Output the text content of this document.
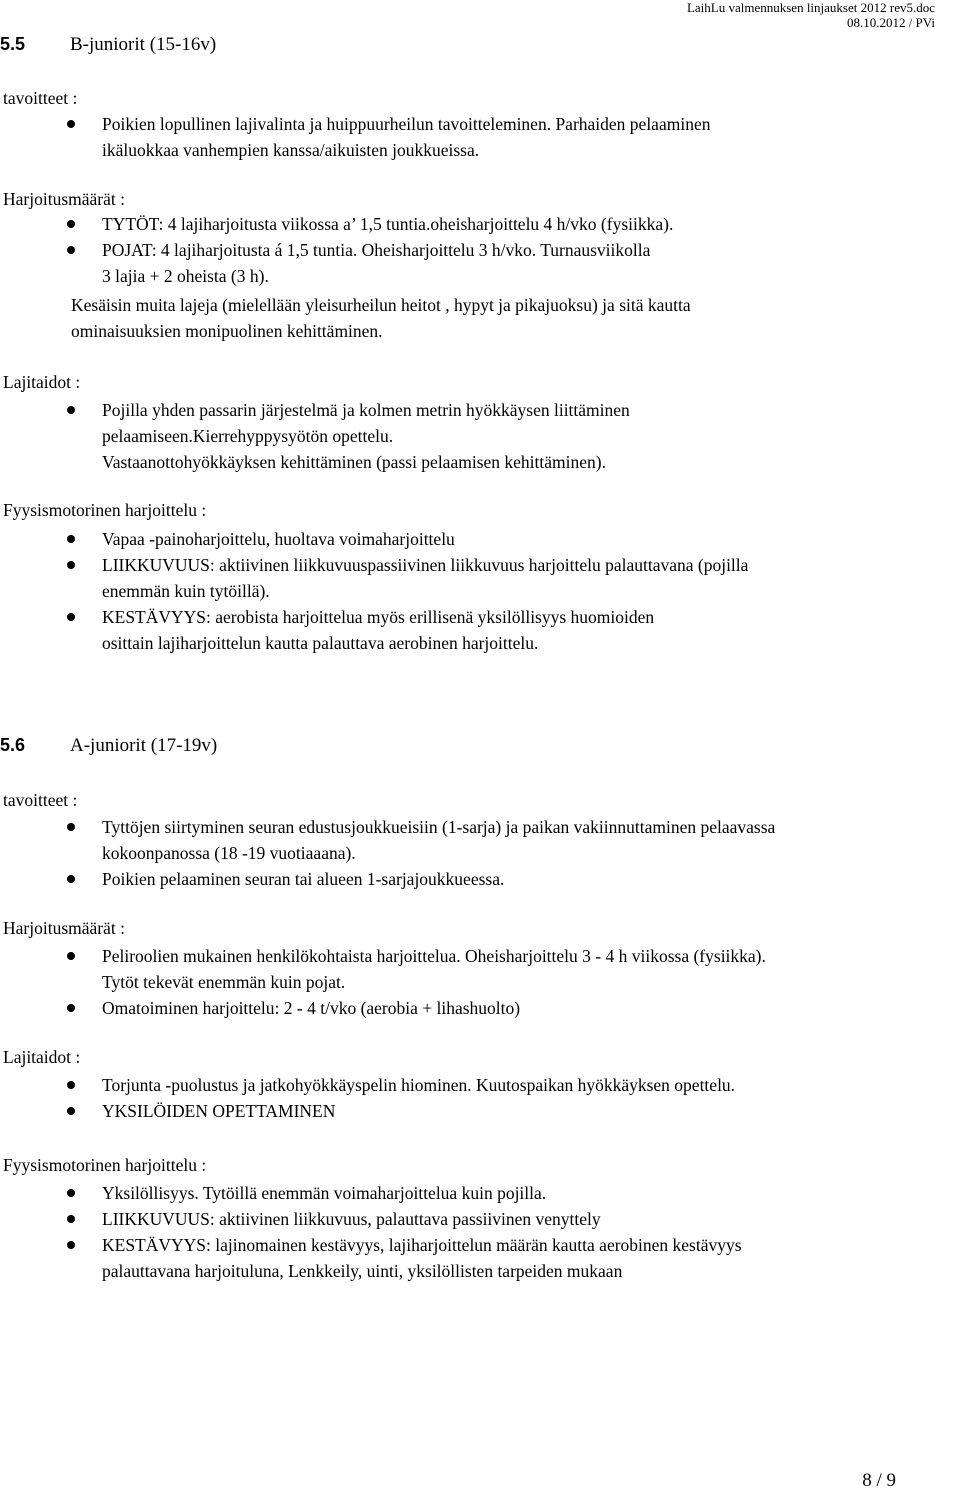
LaihLu valmennuksen linjaukset 2012 rev5.doc
08.10.2012 / PVi
5.5 B-juniorit (15-16v)
tavoitteet :
Poikien lopullinen lajivalinta ja huippuurheilun tavoitteleminen. Parhaiden pelaaminen
ikäluokkaa vanhempien kanssa/aikuisten joukkueissa.
Harjoitusmäärät :
TYTÖT: 4 lajiharjoitusta viikossa a’ 1,5 tuntia.oheisharjoittelu 4 h/vko (fysiikka).
POJAT: 4 lajiharjoitusta á 1,5 tuntia. Oheisharjoittelu 3 h/vko. Turnausviikolla
3 lajia + 2 oheista (3 h).
Kesäisin muita lajeja (mielellään yleisurheilun heitot , hypyt ja pikajuoksu) ja sitä kautta
ominaisuuksien monipuolinen kehittäminen.
Lajitaidot :
Pojilla yhden passarin järjestelmä ja kolmen metrin hyökkäysen liittäminen
pelaamiseen.Kierrehyppysyötön opettelu.
Vastaanottohyökkäyksen kehittäminen (passi pelaamisen kehittäminen).
Fyysismotorinen harjoittelu :
Vapaa -painoharjoittelu, huoltava voimaharjoittelu
LIIKKUVUUS: aktiivinen liikkuvuuspassiivinen liikkuvuus harjoittelu palauttavana (pojilla
enemmän kuin tytöillä).
KESTÄVYYS: aerobista harjoittelua myös erillisenä yksilöllisyys huomioiden
osittain lajiharjoittelun kautta palauttava aerobinen harjoittelu.
5.6 A-juniorit (17-19v)
tavoitteet :
Tyttöjen siirtyminen seuran edustusjoukkueisiin (1-sarja) ja paikan vakiinnuttaminen pelaavassa
kokoonpanossa (18 -19 vuotiaaana).
Poikien pelaaminen seuran tai alueen 1-sarjajoukkueessa.
Harjoitusmäärät :
Peliroolien mukainen henkilökohtaista harjoittelua. Oheisharjoittelu 3 - 4 h viikossa (fysiikka).
Tytöt tekevät enemmän kuin pojat.
Omatoiminen harjoittelu: 2 - 4 t/vko (aerobia + lihashuolto)
Lajitaidot :
Torjunta -puolustus ja jatkohyökkäyspelin hiominen. Kuutospaikan hyökkäyksen opettelu.
YKSILÖIDEN OPETTAMINEN
Fyysismotorinen harjoittelu :
Yksilöllisyys. Tytöillä enemmän voimaharjoittelua kuin pojilla.
LIIKKUVUUS: aktiivinen liikkuvuus, palauttava passiivinen venyttely
KESTÄVYYS: lajinomainen kestävyys, lajiharjoittelun määrän kautta aerobinen kestävyys
palauttavana harjoituluna, Lenkkeily, uinti, yksilöllisten tarpeiden mukaan
8 / 9
